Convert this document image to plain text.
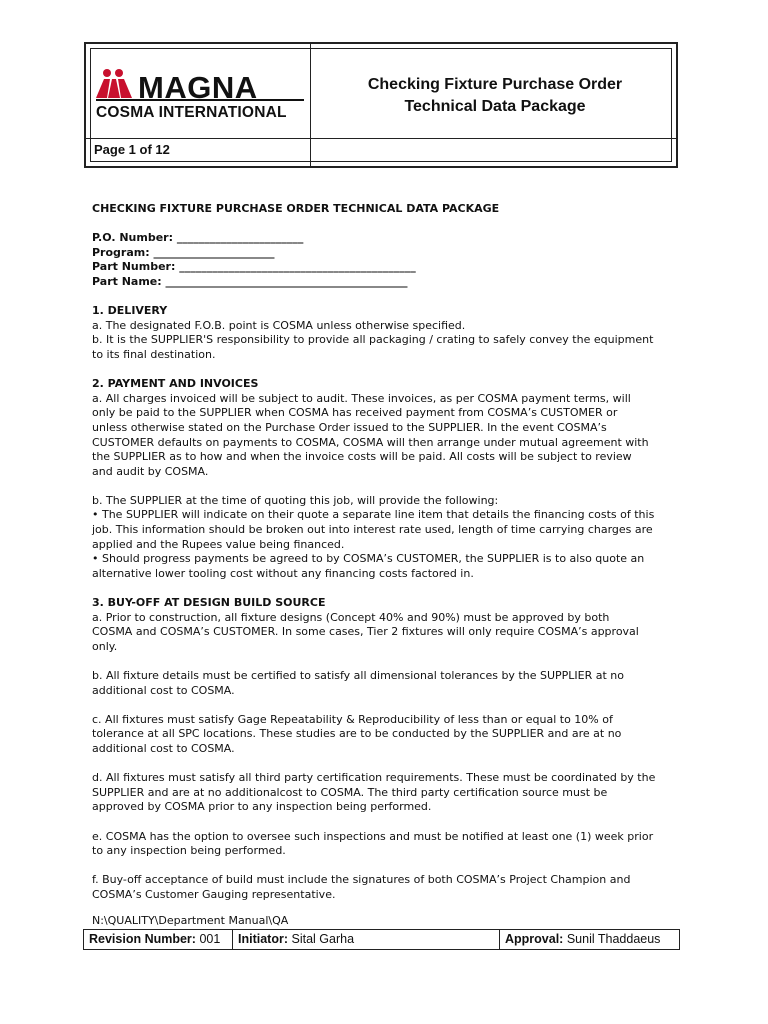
MAGNA
COSMA INTERNATIONAL
Checking Fixture Purchase Order
Technical Data Package
Page 1 of 12

CHECKING FIXTURE PURCHASE ORDER TECHNICAL DATA PACKAGE

P.O. Number: _______________________

Program: ______________________

Part Number: ___________________________________________

Part Name: ____________________________________________

1. DELIVERY

a. The designated F.O.B. point is COSMA unless otherwise specified.
b. It is the SUPPLIER'S responsibility to provide all packaging / crating to safely convey the equipment
to its final destination.

2. PAYMENT AND INVOICES

a. All charges invoiced will be subject to audit. These invoices, as per COSMA payment terms, will
only be paid to the SUPPLIER when COSMA has received payment from COSMA’s CUSTOMER or
unless otherwise stated on the Purchase Order issued to the SUPPLIER. In the event COSMA’s
CUSTOMER defaults on payments to COSMA, COSMA will then arrange under mutual agreement with
the SUPPLIER as to how and when the invoice costs will be paid. All costs will be subject to review
and audit by COSMA.

b. The SUPPLIER at the time of quoting this job, will provide the following:
• The SUPPLIER will indicate on their quote a separate line item that details the financing costs of this
job. This information should be broken out into interest rate used, length of time carrying charges are
applied and the Rupees value being financed.
• Should progress payments be agreed to by COSMA’s CUSTOMER, the SUPPLIER is to also quote an
alternative lower tooling cost without any financing costs factored in.

3. BUY-OFF AT DESIGN BUILD SOURCE

a. Prior to construction, all fixture designs (Concept 40% and 90%) must be approved by both
COSMA and COSMA’s CUSTOMER. In some cases, Tier 2 fixtures will only require COSMA’s approval
only.

b. All fixture details must be certified to satisfy all dimensional tolerances by the SUPPLIER at no
additional cost to COSMA.

c. All fixtures must satisfy Gage Repeatability & Reproducibility of less than or equal to 10% of
tolerance at all SPC locations. These studies are to be conducted by the SUPPLIER and are at no
additional cost to COSMA.

d. All fixtures must satisfy all third party certification requirements. These must be coordinated by the
SUPPLIER and are at no additionalcost to COSMA. The third party certification source must be
approved by COSMA prior to any inspection being performed.

e. COSMA has the option to oversee such inspections and must be notified at least one (1) week prior
to any inspection being performed.

f. Buy-off acceptance of build must include the signatures of both COSMA’s Project Champion and
COSMA’s Customer Gauging representative.

N:\QUALITY\Department Manual\QA
Revision Number: 001	Initiator: Sital Garha	Approval: Sunil Thaddaeus
